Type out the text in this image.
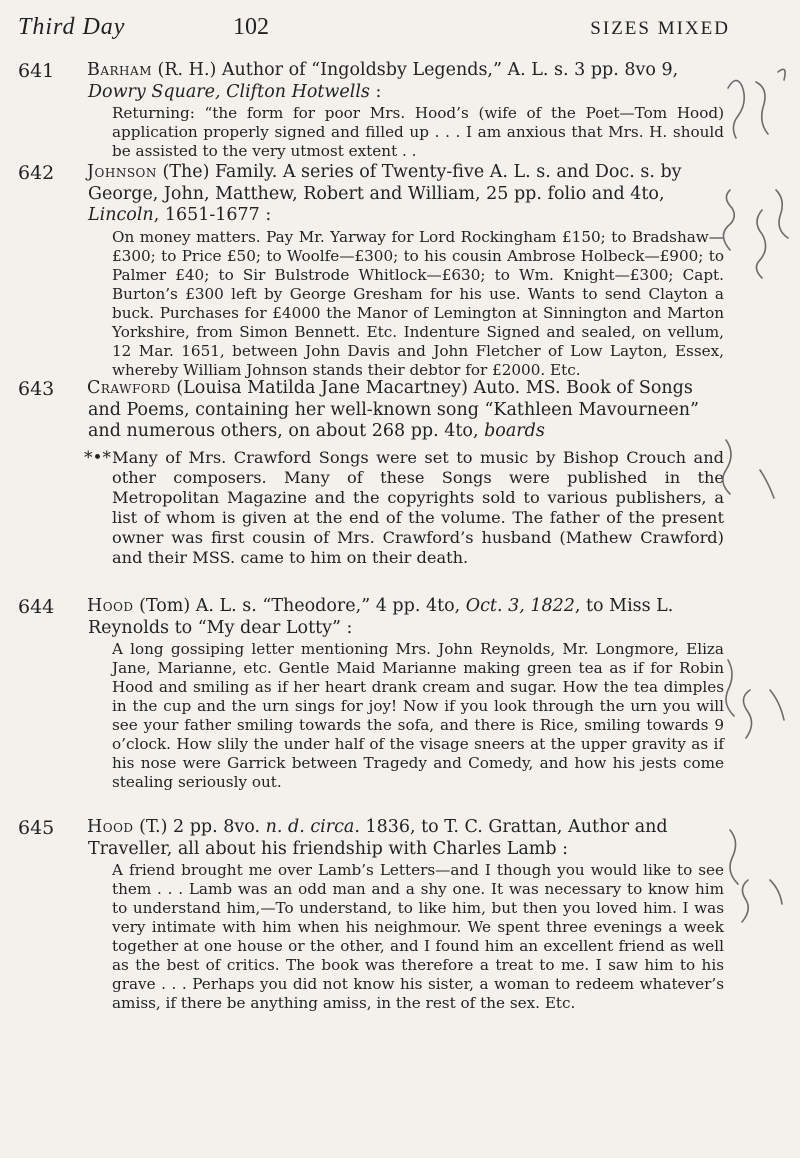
Third Day	102	SIZES MIXED
641 Barham (R. H.) Author of “Ingoldsby Legends,” A. L. s. 3 pp. 8vo 9, Dowry Square, Clifton Hotwells :
Returning: “the form for poor Mrs. Hood’s (wife of the Poet—Tom Hood) application properly signed and filled up . . . I am anxious that Mrs. H. should be assisted to the very utmost extent . .
642 Johnson (The) Family. A series of Twenty-five A. L. s. and Doc. s. by George, John, Matthew, Robert and William, 25 pp. folio and 4to, Lincoln, 1651-1677 :
On money matters. Pay Mr. Yarway for Lord Rockingham £150; to Bradshaw—£300; to Price £50; to Woolfe—£300; to his cousin Ambrose Holbeck—£900; to Palmer £40; to Sir Bulstrode Whitlock—£630; to Wm. Knight—£300; Capt. Burton’s £300 left by George Gresham for his use. Wants to send Clayton a buck. Purchases for £4000 the Manor of Lemington at Sinnington and Marton Yorkshire, from Simon Bennett. Etc. Indenture Signed and sealed, on vellum, 12 Mar. 1651, between John Davis and John Fletcher of Low Layton, Essex, whereby William Johnson stands their debtor for £2000. Etc.
643 Crawford (Louisa Matilda Jane Macartney) Auto. MS. Book of Songs and Poems, containing her well-known song “Kathleen Mavourneen” and numerous others, on about 268 pp. 4to, boards
*•* Many of Mrs. Crawford Songs were set to music by Bishop Crouch and other composers. Many of these Songs were published in the Metropolitan Magazine and the copyrights sold to various publishers, a list of whom is given at the end of the volume. The father of the present owner was first cousin of Mrs. Crawford’s husband (Mathew Crawford) and their MSS. came to him on their death.
644 Hood (Tom) A. L. s. “Theodore,” 4 pp. 4to, Oct. 3, 1822, to Miss L. Reynolds to “My dear Lotty” :
A long gossiping letter mentioning Mrs. John Reynolds, Mr. Longmore, Eliza Jane, Marianne, etc. Gentle Maid Marianne making green tea as if for Robin Hood and smiling as if her heart drank cream and sugar. How the tea dimples in the cup and the urn sings for joy! Now if you look through the urn you will see your father smiling towards the sofa, and there is Rice, smiling towards 9 o’clock. How slily the under half of the visage sneers at the upper gravity as if his nose were Garrick between Tragedy and Comedy, and how his jests come stealing seriously out.
645 Hood (T.) 2 pp. 8vo. n. d. circa. 1836, to T. C. Grattan, Author and Traveller, all about his friendship with Charles Lamb :
A friend brought me over Lamb’s Letters—and I though you would like to see them . . . Lamb was an odd man and a shy one. It was necessary to know him to understand him,—To understand, to like him, but then you loved him. I was very intimate with him when his neighmour. We spent three evenings a week together at one house or the other, and I found him an excellent friend as well as the best of critics. The book was therefore a treat to me. I saw him to his grave . . . Perhaps you did not know his sister, a woman to redeem whatever’s amiss, if there be anything amiss, in the rest of the sex. Etc.
